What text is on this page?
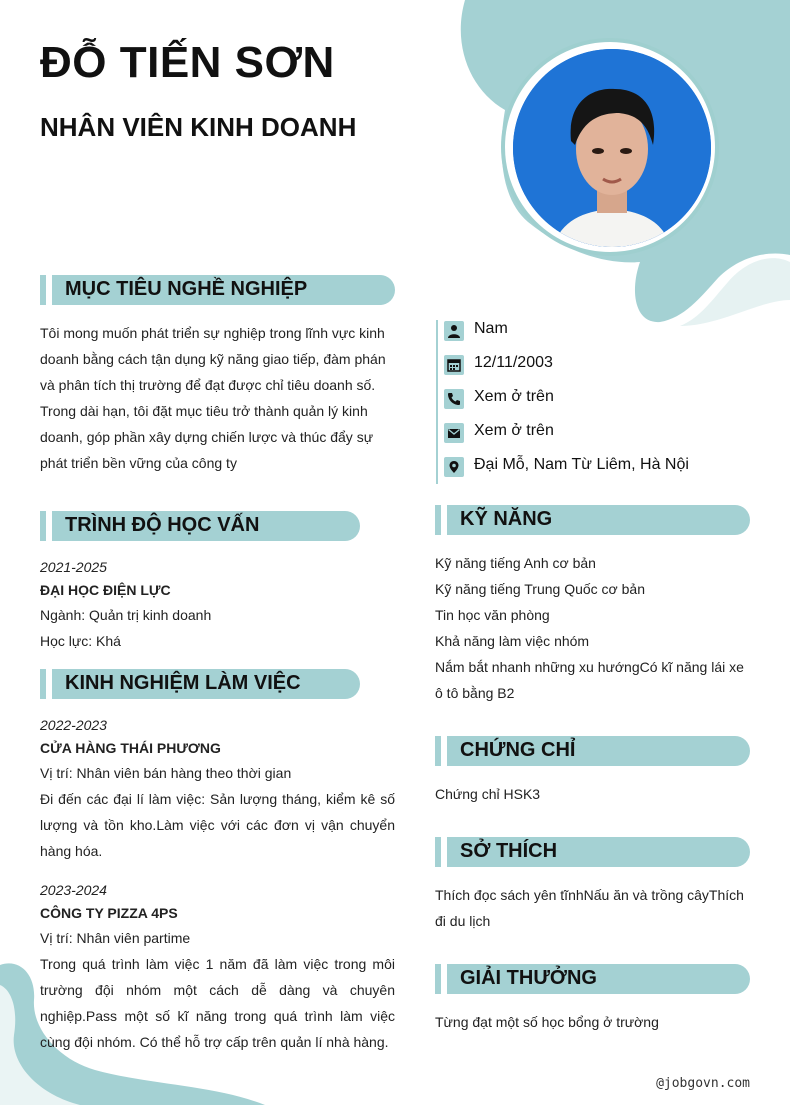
ĐỖ TIẾN SƠN
NHÂN VIÊN KINH DOANH
MỤC TIÊU NGHỀ NGHIỆP
Tôi mong muốn phát triển sự nghiệp trong lĩnh vực kinh doanh bằng cách tận dụng kỹ năng giao tiếp, đàm phán và phân tích thị trường để đạt được chỉ tiêu doanh số. Trong dài hạn, tôi đặt mục tiêu trở thành quản lý kinh doanh, góp phần xây dựng chiến lược và thúc đẩy sự phát triển bền vững của công ty
TRÌNH ĐỘ HỌC VẤN
2021-2025
ĐẠI HỌC ĐIỆN LỰC
Ngành: Quản trị kinh doanh
Học lực: Khá
KINH NGHIỆM LÀM VIỆC
2022-2023
CỬA HÀNG THÁI PHƯƠNG
Vị trí: Nhân viên bán hàng theo thời gian
Đi đến các đại lí làm việc: Sản lượng tháng, kiểm kê số lượng và tồn kho.Làm việc với các đơn vị vận chuyển hàng hóa.
2023-2024
CÔNG TY PIZZA 4PS
Vị trí: Nhân viên partime
Trong quá trình làm việc 1 năm đã làm việc trong môi trường đội nhóm một cách dễ dàng và chuyên nghiệp.Pass một số kĩ năng trong quá trình làm việc cùng đội nhóm. Có thể hỗ trợ cấp trên quản lí nhà hàng.
Nam
12/11/2003
Xem ở trên
Xem ở trên
Đại Mỗ, Nam Từ Liêm, Hà Nội
KỸ NĂNG
Kỹ năng tiếng Anh cơ bản
Kỹ năng tiếng Trung Quốc cơ bản
Tin học văn phòng
Khả năng làm việc nhóm
Nắm bắt nhanh những xu hướngCó kĩ năng lái xe ô tô bằng B2
CHỨNG CHỈ
Chứng chỉ HSK3
SỞ THÍCH
Thích đọc sách yên tĩnhNấu ăn và trồng câyThích đi du lịch
GIẢI THƯỞNG
Từng đạt một số học bổng ở trường
@jobgovn.com
